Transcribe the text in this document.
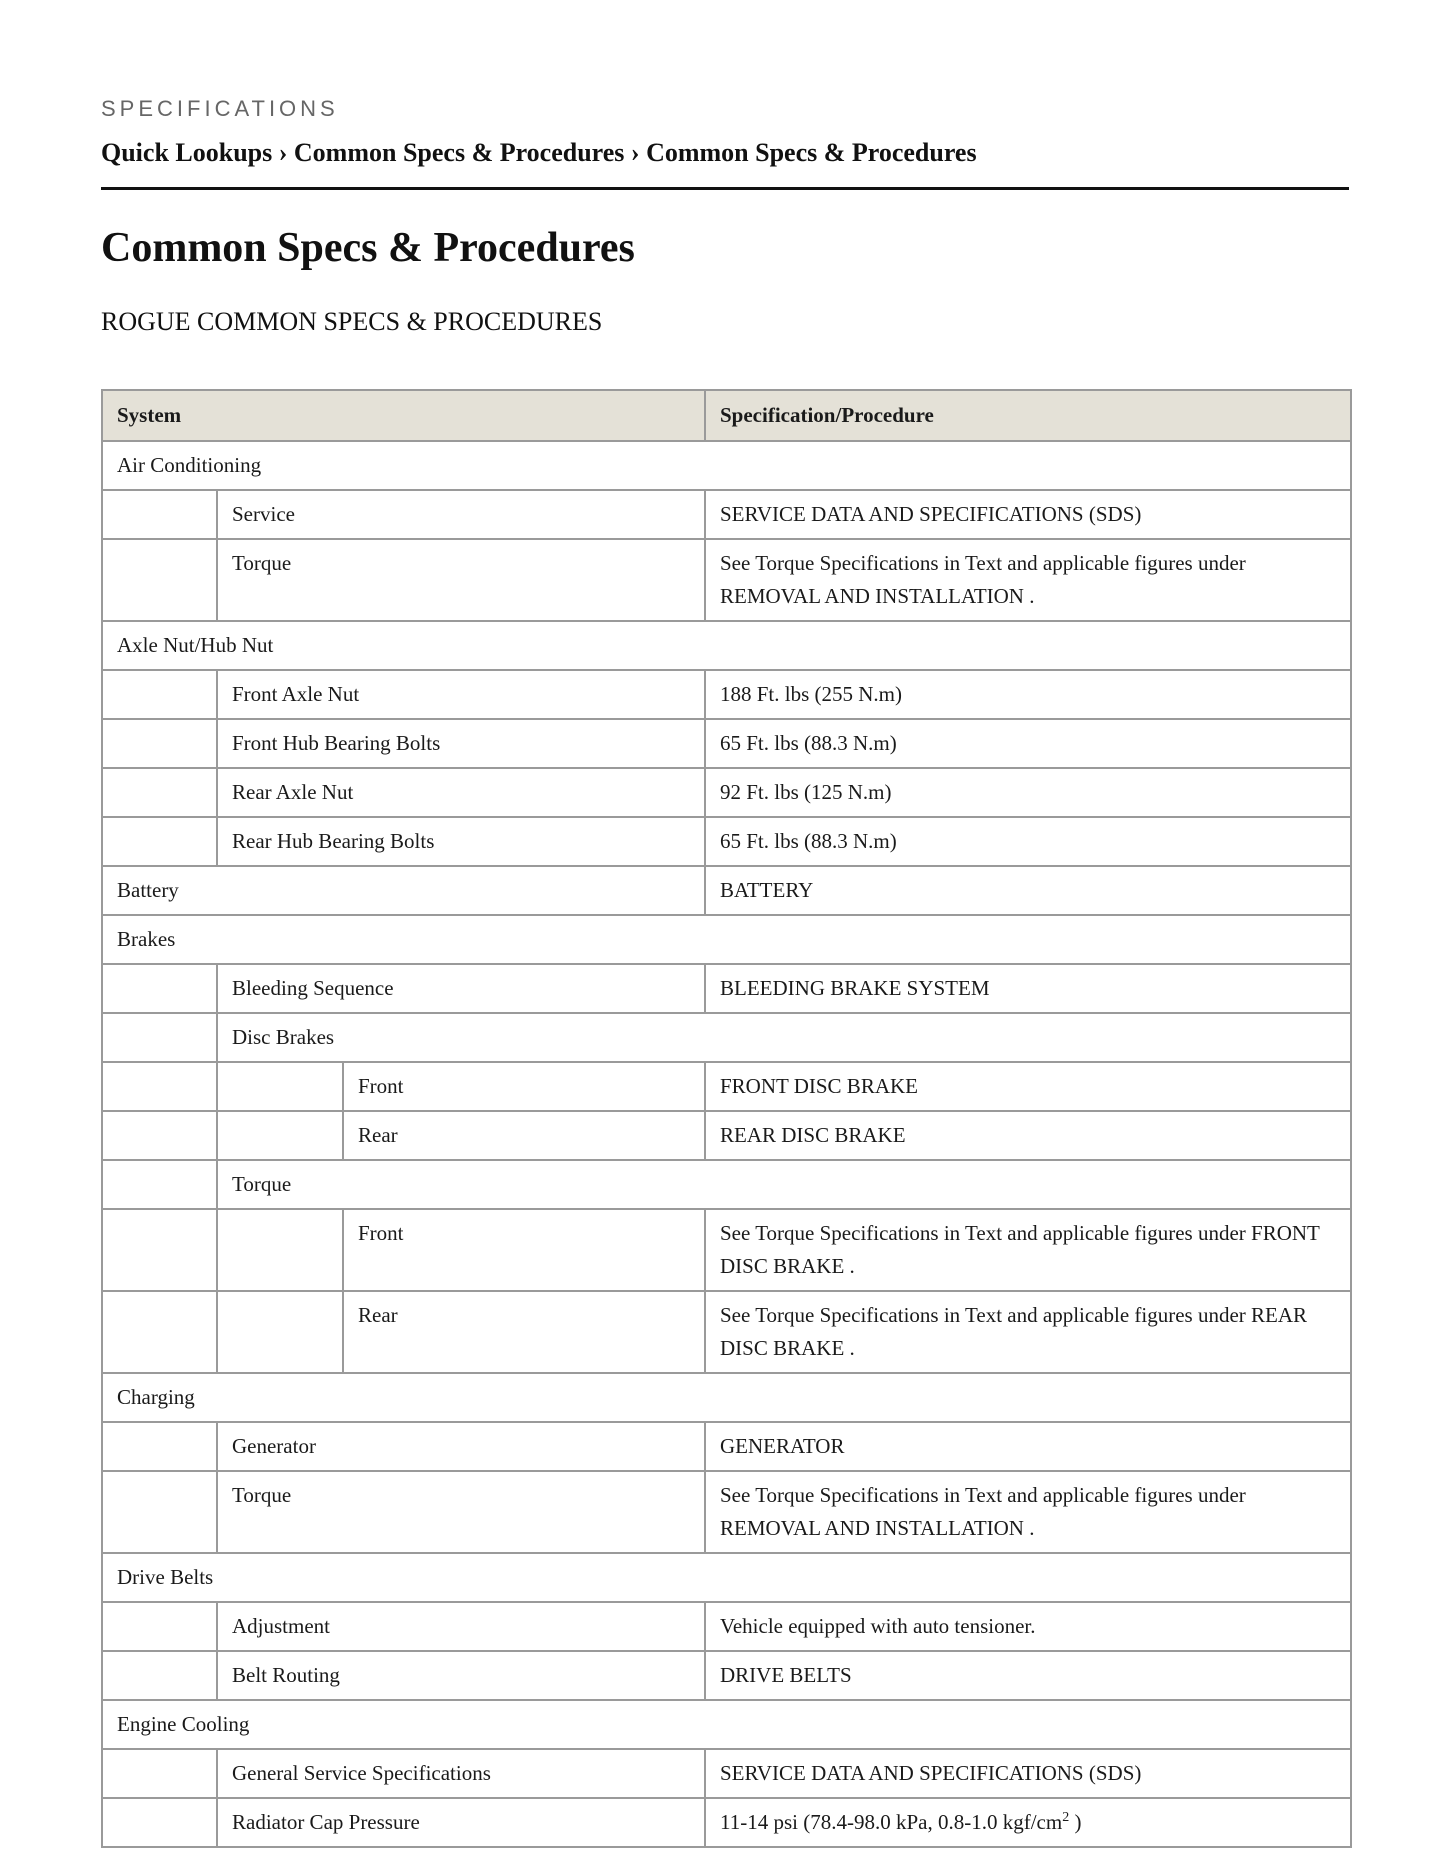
SPECIFICATIONS
Quick Lookups › Common Specs & Procedures › Common Specs & Procedures
Common Specs & Procedures
ROGUE COMMON SPECS & PROCEDURES
System			Specification/Procedure
Air Conditioning			
	Service		SERVICE DATA AND SPECIFICATIONS (SDS)
	Torque		See Torque Specifications in Text and applicable figures under REMOVAL AND INSTALLATION .
Axle Nut/Hub Nut			
	Front Axle Nut		188 Ft. lbs (255 N.m)
	Front Hub Bearing Bolts		65 Ft. lbs (88.3 N.m)
	Rear Axle Nut		92 Ft. lbs (125 N.m)
	Rear Hub Bearing Bolts		65 Ft. lbs (88.3 N.m)
Battery			BATTERY
Brakes			
	Bleeding Sequence		BLEEDING BRAKE SYSTEM
	Disc Brakes		
		Front	FRONT DISC BRAKE
		Rear	REAR DISC BRAKE
	Torque		
		Front	See Torque Specifications in Text and applicable figures under FRONT DISC BRAKE .
		Rear	See Torque Specifications in Text and applicable figures under REAR DISC BRAKE .
Charging			
	Generator		GENERATOR
	Torque		See Torque Specifications in Text and applicable figures under REMOVAL AND INSTALLATION .
Drive Belts			
	Adjustment		Vehicle equipped with auto tensioner.
	Belt Routing		DRIVE BELTS
Engine Cooling			
	General Service Specifications		SERVICE DATA AND SPECIFICATIONS (SDS)
	Radiator Cap Pressure		11-14 psi (78.4-98.0 kPa, 0.8-1.0 kgf/$cm^2$ )
